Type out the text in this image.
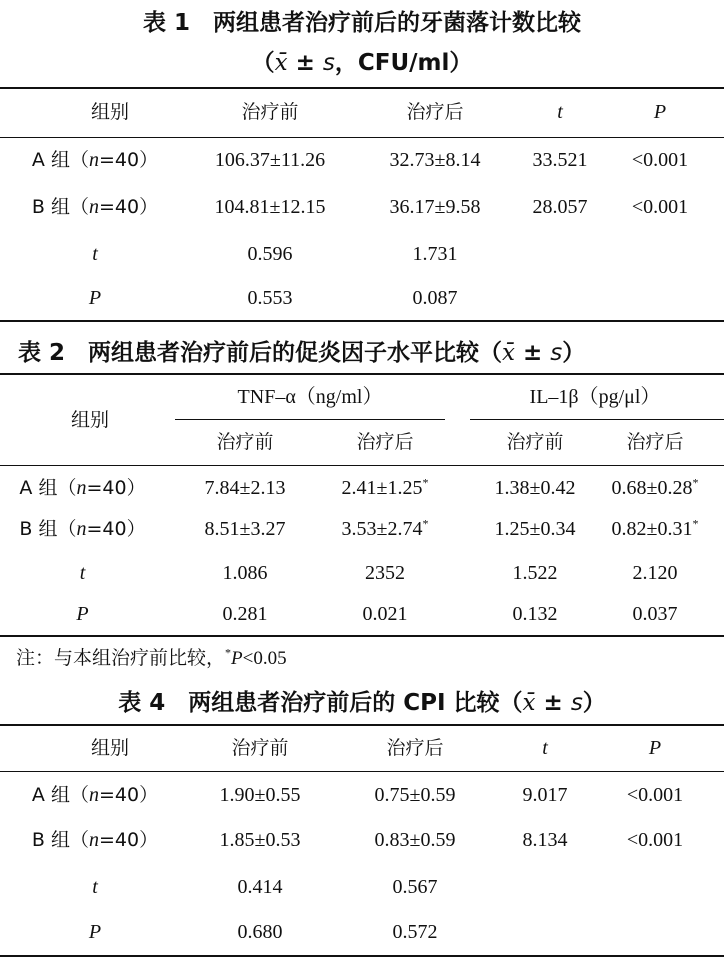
表 1　两组患者治疗前后的牙菌落计数比较
（x̄ ± s，CFU/ml）
组别	治疗前	治疗后	t	P
A 组（n=40）	106.37±11.26	32.73±8.14	33.521	<0.001
B 组（n=40）	104.81±12.15	36.17±9.58	28.057	<0.001
t	0.596	1.731
P	0.553	0.087
表 2　两组患者治疗前后的促炎因子水平比较（x̄ ± s）
组别
TNF–α（ng/ml）	IL–1β（pg/μl）
治疗前	治疗后	治疗前	治疗后
A 组（n=40）	7.84±2.13	2.41±1.25*	1.38±0.42	0.68±0.28*
B 组（n=40）	8.51±3.27	3.53±2.74*	1.25±0.34	0.82±0.31*
t	1.086	2352	1.522	2.120
P	0.281	0.021	0.132	0.037
注：与本组治疗前比较，*P<0.05
表 4　两组患者治疗前后的 CPI 比较（x̄ ± s）
组别	治疗前	治疗后	t	P
A 组（n=40）	1.90±0.55	0.75±0.59	9.017	<0.001
B 组（n=40）	1.85±0.53	0.83±0.59	8.134	<0.001
t	0.414	0.567
P	0.680	0.572
